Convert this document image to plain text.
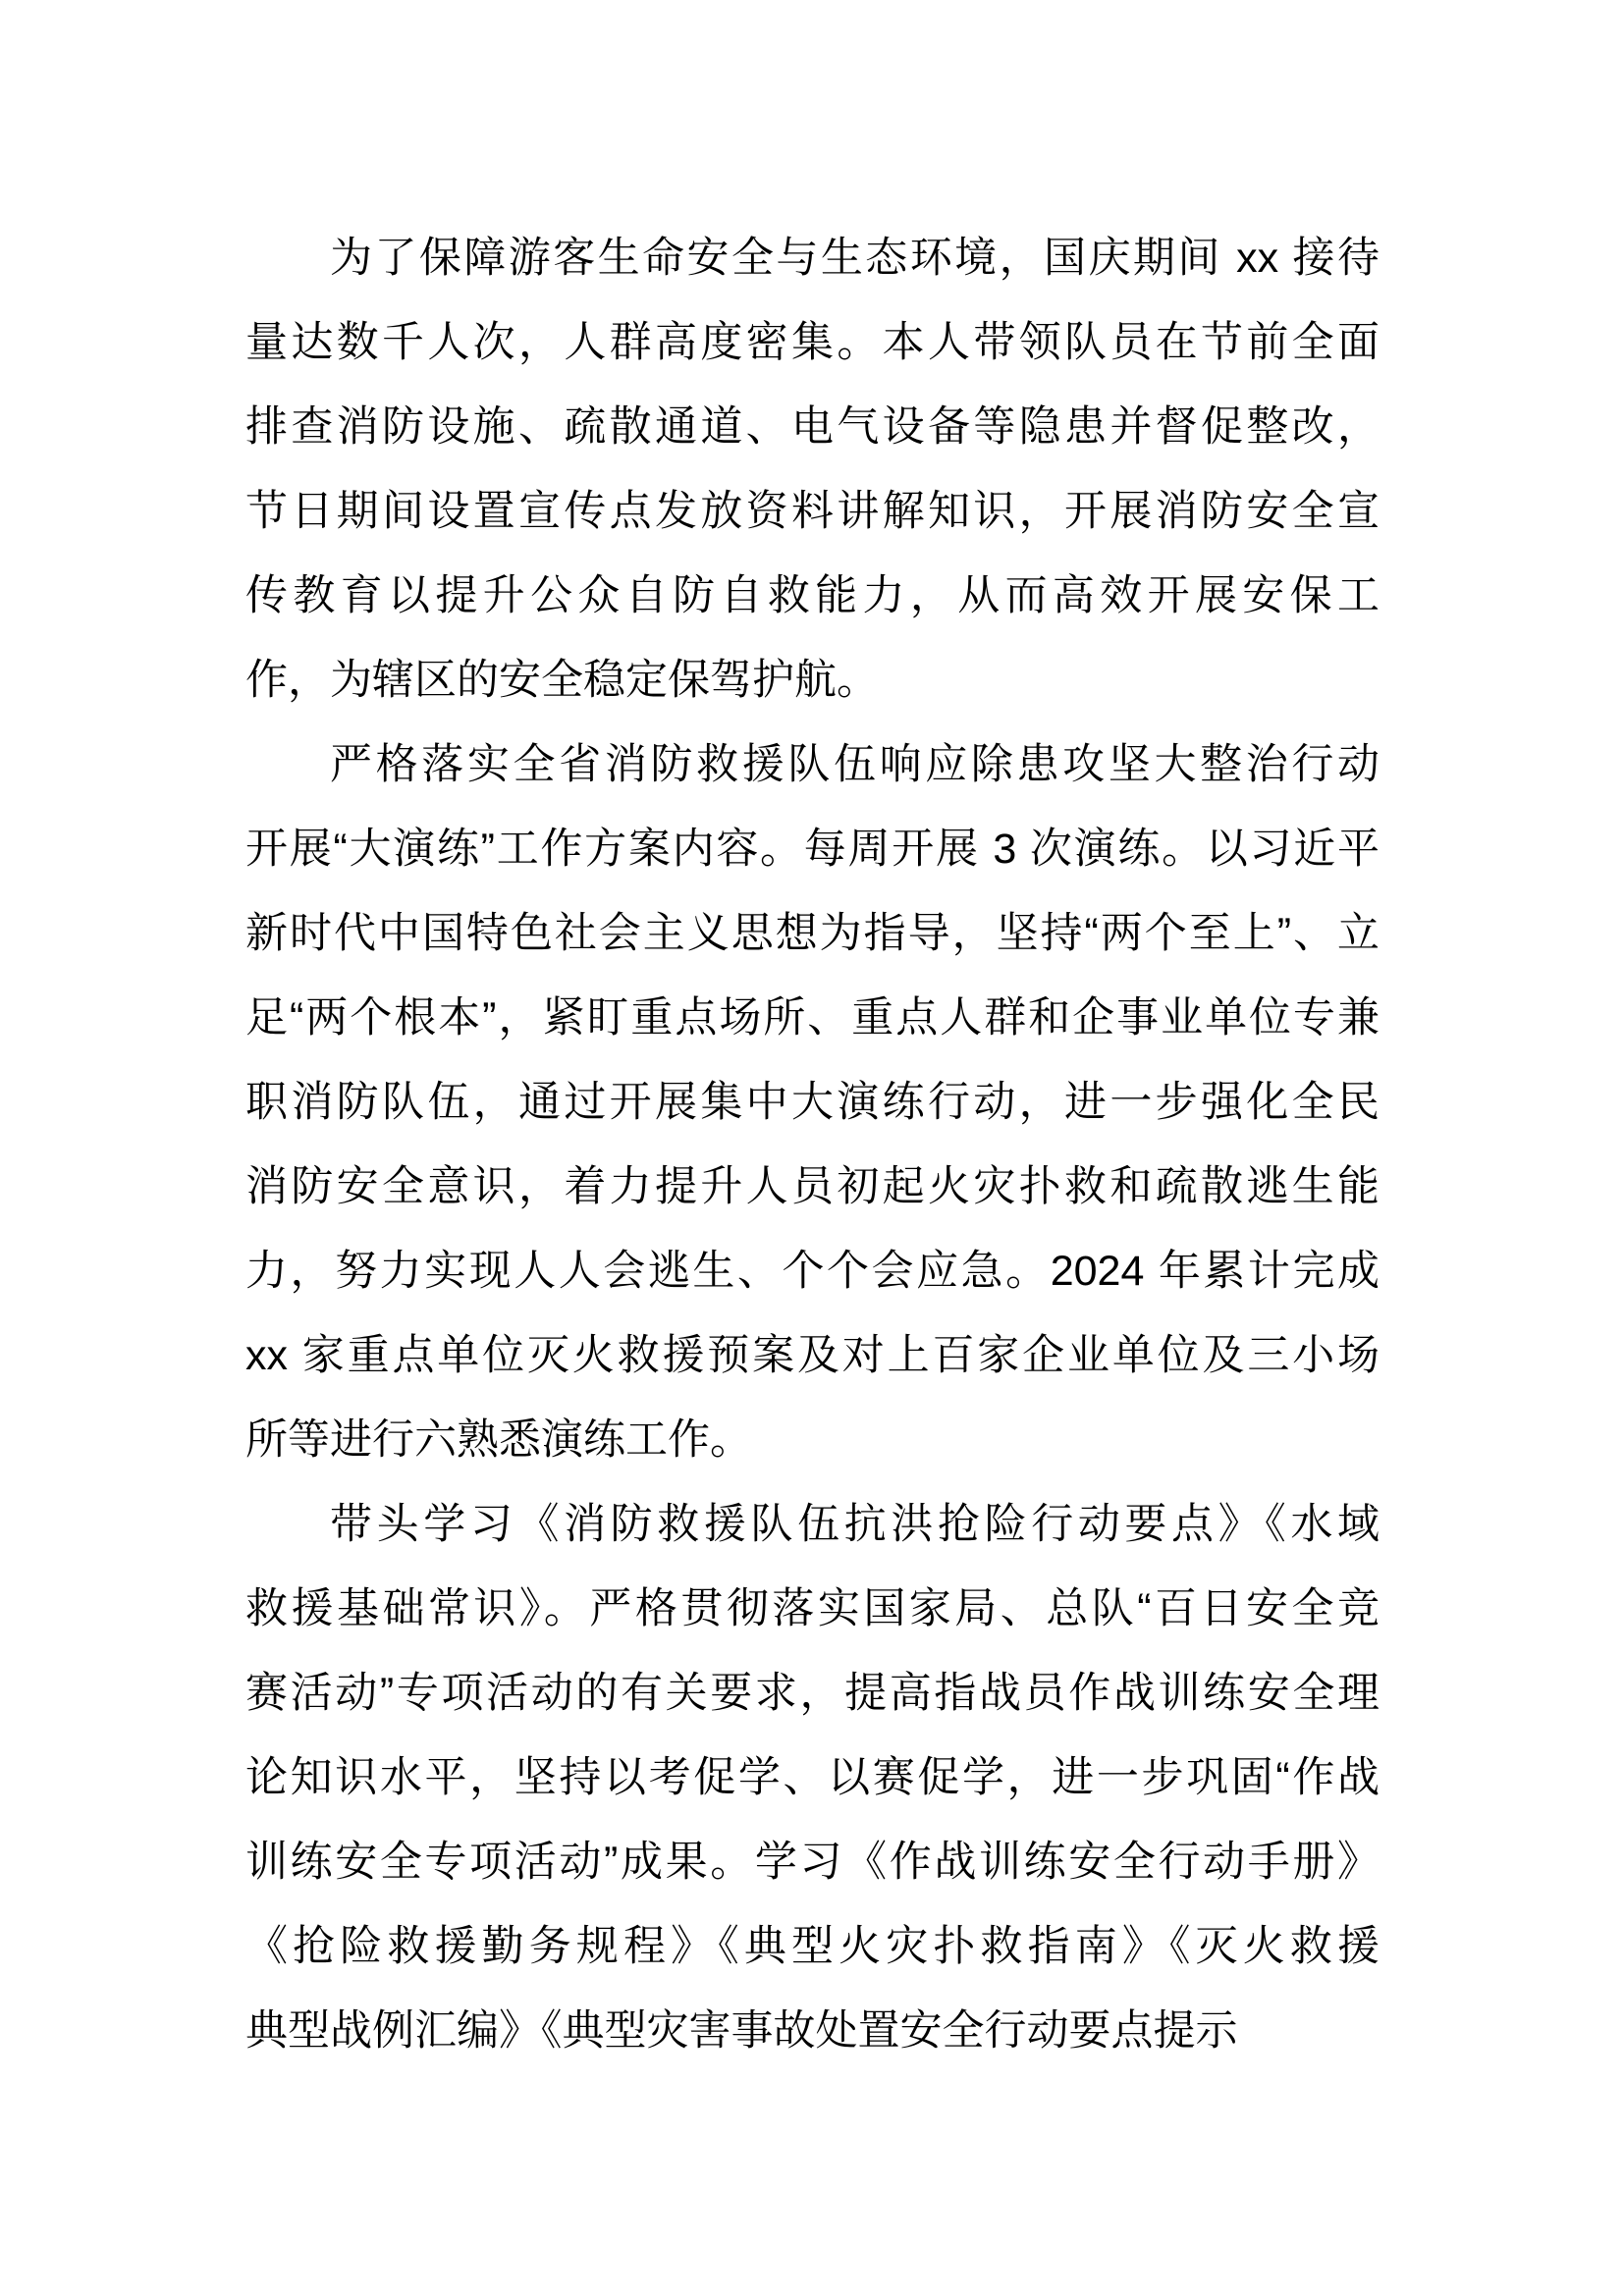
为了保障游客生命安全与生态环境，国庆期间 xx 接待
量达数千人次，人群高度密集。本人带领队员在节前全面
排查消防设施、疏散通道、电气设备等隐患并督促整改，
节日期间设置宣传点发放资料讲解知识，开展消防安全宣
传教育以提升公众自防自救能力，从而高效开展安保工
作，为辖区的安全稳定保驾护航。
严格落实全省消防救援队伍响应除患攻坚大整治行动
开展“大演练”工作方案内容。每周开展 3 次演练。以习近平
新时代中国特色社会主义思想为指导，坚持“两个至上”、立
足“两个根本”，紧盯重点场所、重点人群和企事业单位专兼
职消防队伍，通过开展集中大演练行动，进一步强化全民
消防安全意识，着力提升人员初起火灾扑救和疏散逃生能
力，努力实现人人会逃生、个个会应急。2024 年累计完成
xx 家重点单位灭火救援预案及对上百家企业单位及三小场
所等进行六熟悉演练工作。
带头学习《消防救援队伍抗洪抢险行动要点》《水域
救援基础常识》。严格贯彻落实国家局、总队“百日安全竞
赛活动”专项活动的有关要求，提高指战员作战训练安全理
论知识水平，坚持以考促学、以赛促学，进一步巩固“作战
训练安全专项活动”成果。学习《作战训练安全行动手册》
《抢险救援勤务规程》《典型火灾扑救指南》《灭火救援
典型战例汇编》《典型灾害事故处置安全行动要点提示
